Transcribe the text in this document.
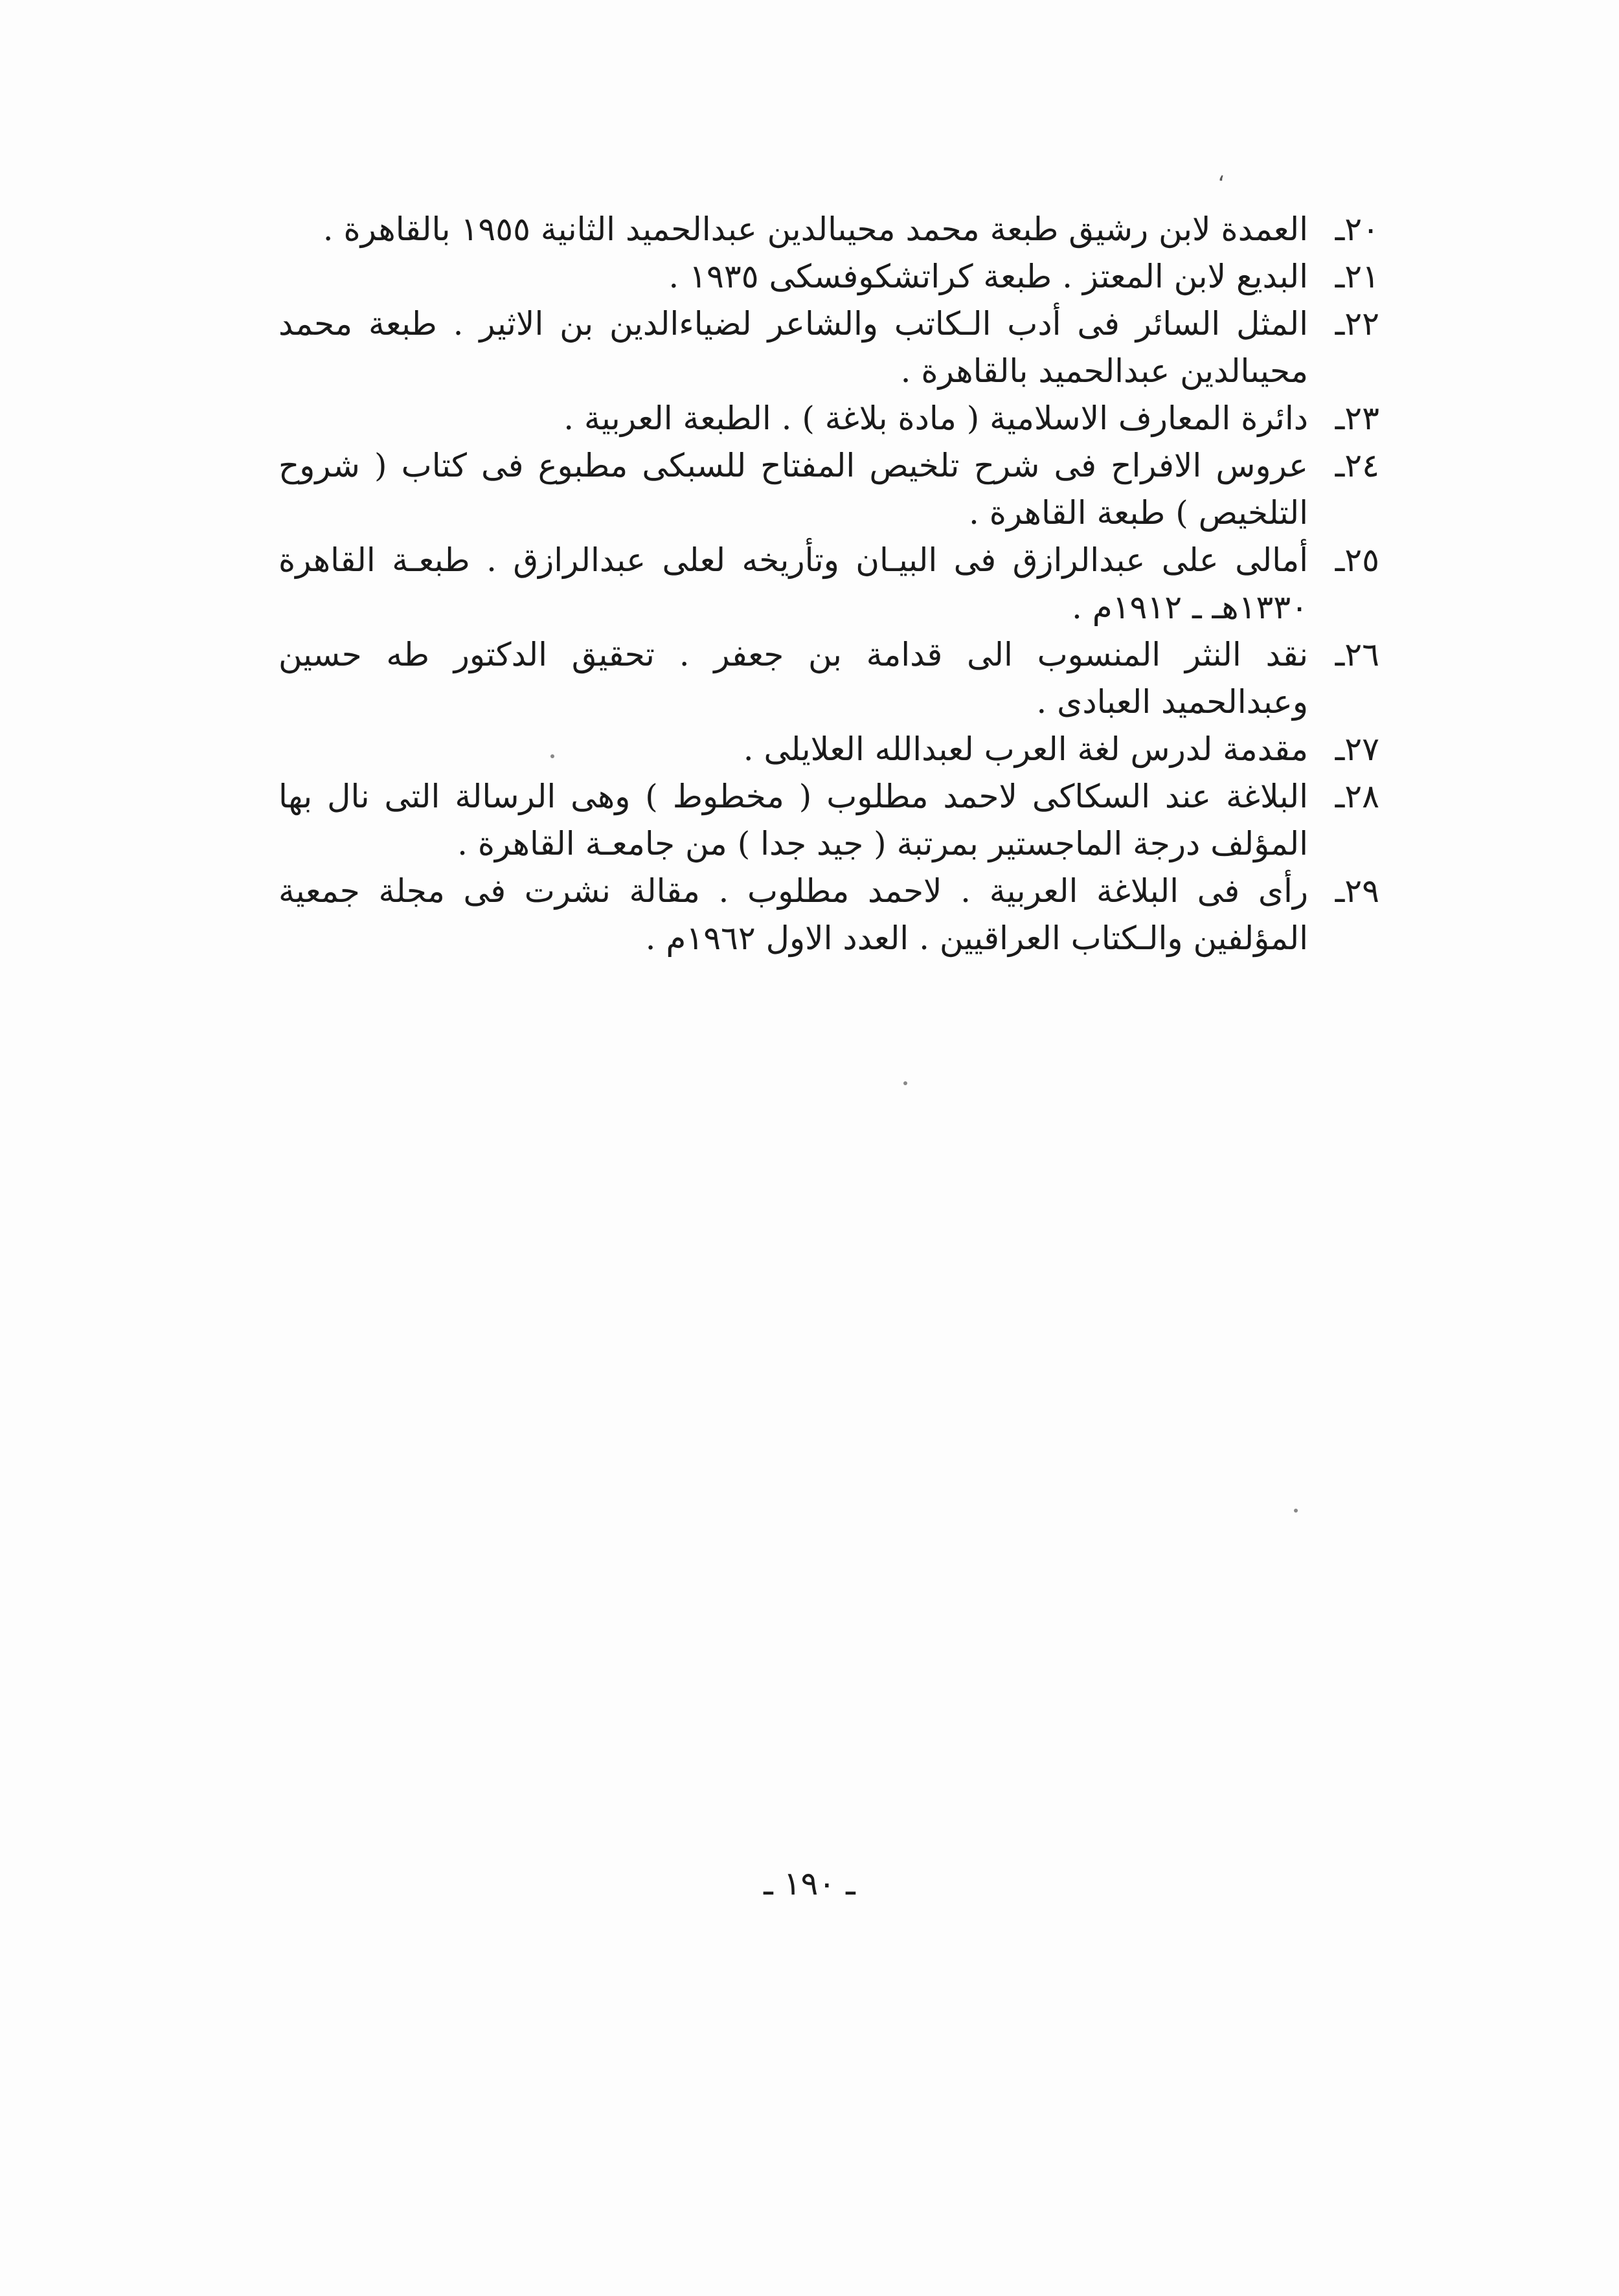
،
٢٠ـ
العمدة لابن رشيق طبعة محمد محيىالدين عبدالحميد الثانية ١٩٥٥ بالقاهرة .
٢١ـ
البديع لابن المعتز . طبعة كراتشكوفسكى ١٩٣٥ .
٢٢ـ
المثل السائر فى أدب الـكاتب والشاعر لضياءالدين بن الاثير . طبعة محمد محيىالدين عبدالحميد بالقاهرة .
٢٣ـ
دائرة المعارف الاسلامية ( مادة بلاغة ) . الطبعة العربية .
٢٤ـ
عروس الافراح فى شرح تلخيص المفتاح للسبكى مطبوع فى كتاب ( شروح التلخيص ) طبعة القاهرة .
٢٥ـ
أمالى على عبدالرازق فى البيـان وتأريخه لعلى عبدالرازق . طبعـة القاهرة ١٣٣٠هـ ـ ١٩١٢م .
٢٦ـ
نقد النثر المنسوب الى قدامة بن جعفر . تحقيق الدكتور طه حسين وعبدالحميد العبادى .
٢٧ـ
مقدمة لدرس لغة العرب لعبدالله العلايلى .
٢٨ـ
البلاغة عند السكاكى لاحمد مطلوب ( مخطوط ) وهى الرسالة التى نال بها المؤلف درجة الماجستير بمرتبة ( جيد جدا ) من جامعـة القاهرة .
٢٩ـ
رأى فى البلاغة العربية . لاحمد مطلوب . مقالة نشرت فى مجلة جمعية المؤلفين والـكتاب العراقيين . العدد الاول ١٩٦٢م .
ـ ١٩٠ ـ
